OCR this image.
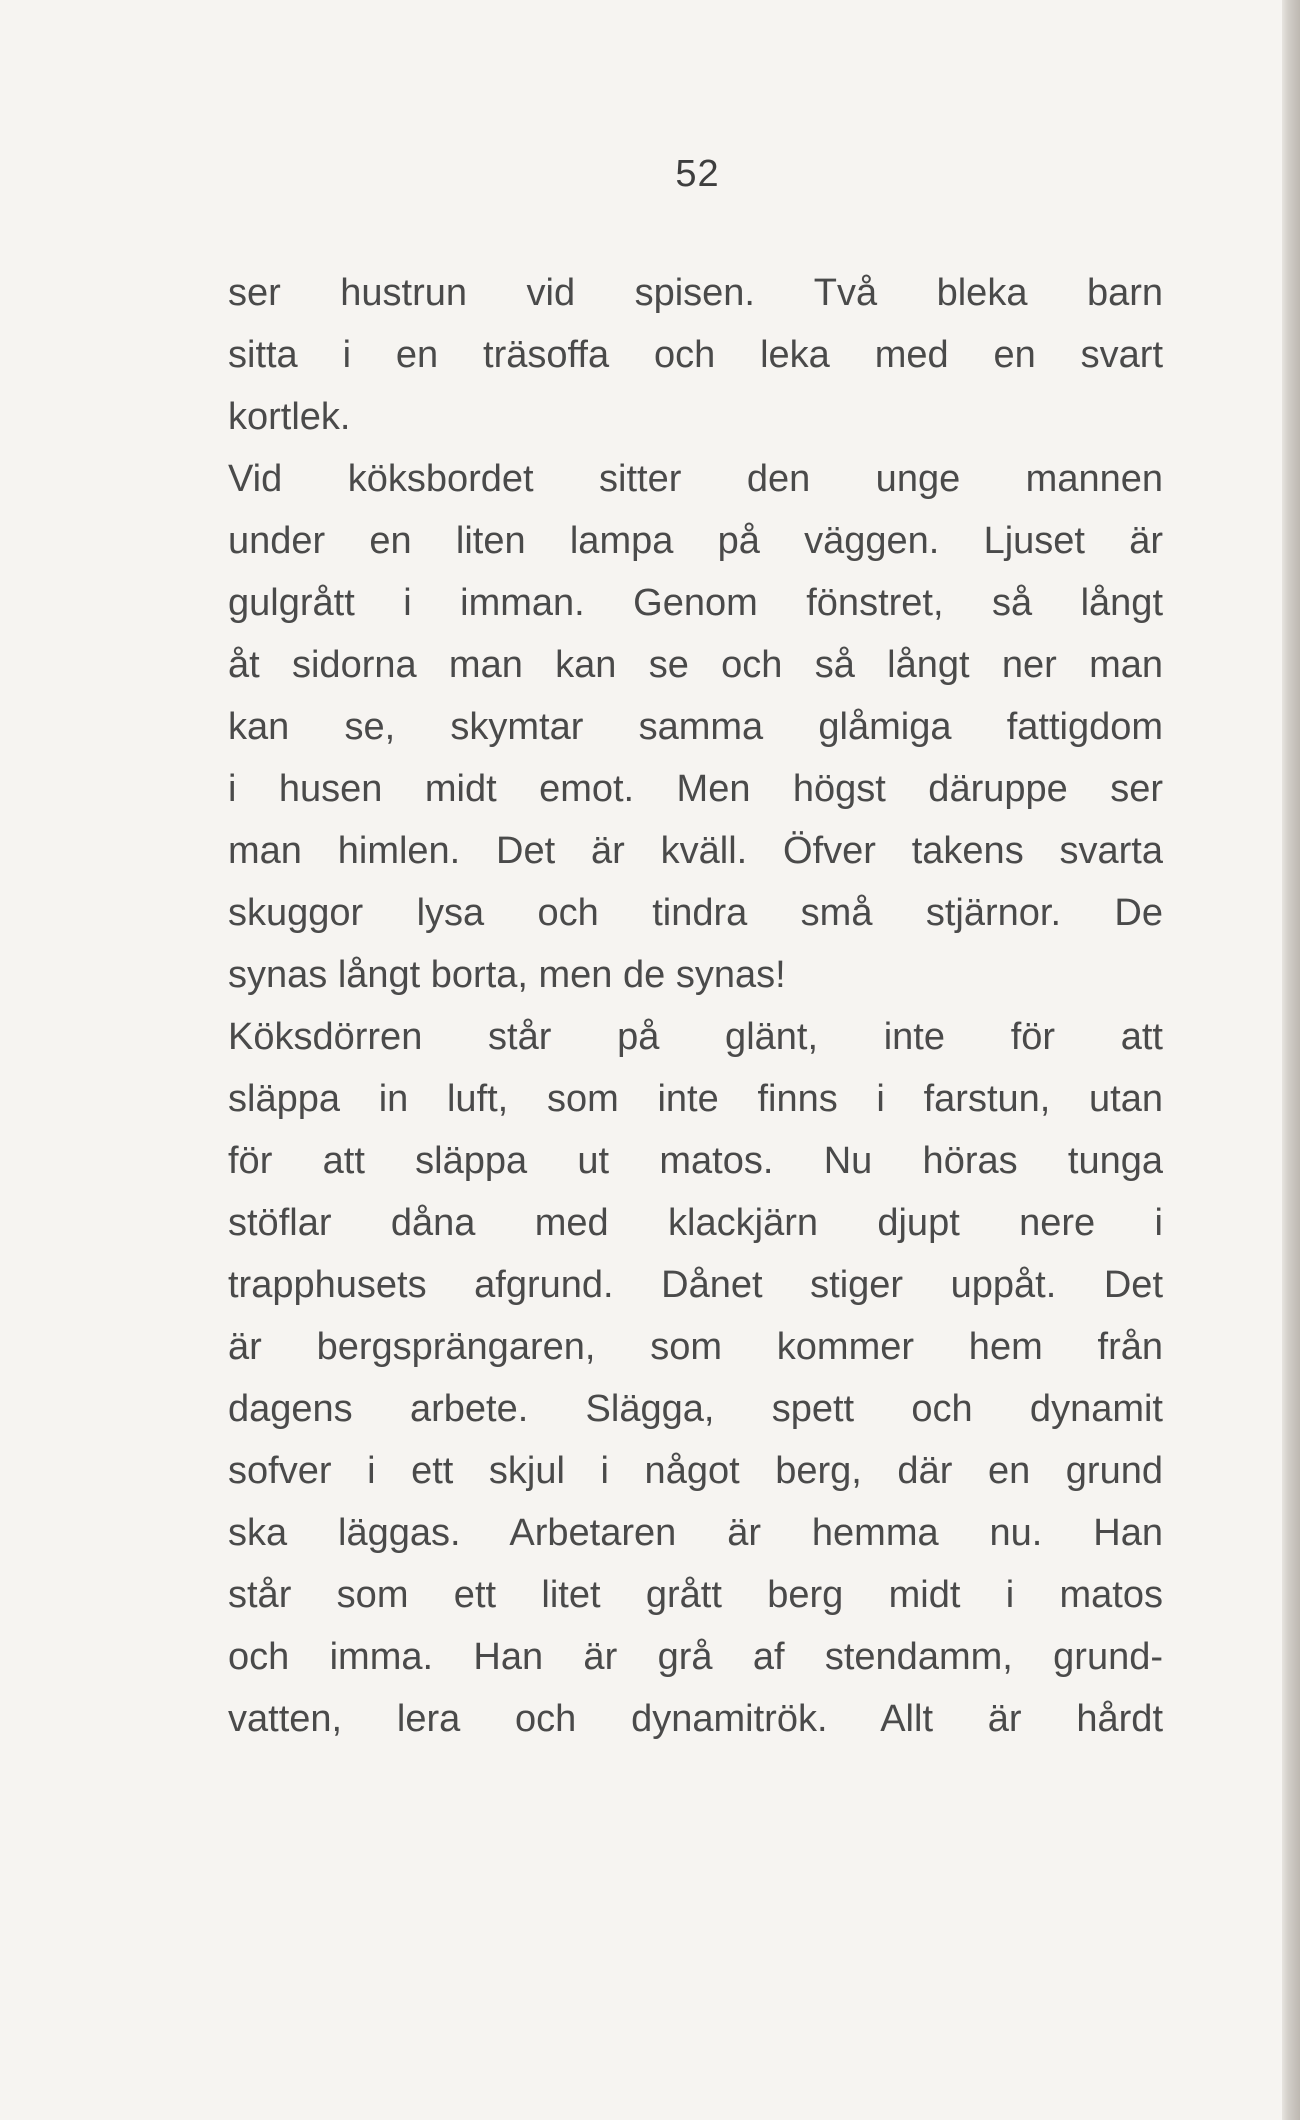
52
ser hustrun vid spisen. Två bleka barn
sitta i en träsoffa och leka med en svart
kortlek.
Vid köksbordet sitter den unge mannen
under en liten lampa på väggen. Ljuset är
gulgrått i imman. Genom fönstret, så långt
åt sidorna man kan se och så långt ner man
kan se, skymtar samma glåmiga fattigdom
i husen midt emot. Men högst däruppe ser
man himlen. Det är kväll. Öfver takens svarta
skuggor lysa och tindra små stjärnor. De
synas långt borta, men de synas!
Köksdörren står på glänt, inte för att
släppa in luft, som inte finns i farstun, utan
för att släppa ut matos. Nu höras tunga
stöflar dåna med klackjärn djupt nere i
trapphusets afgrund. Dånet stiger uppåt. Det
är bergsprängaren, som kommer hem från
dagens arbete. Slägga, spett och dynamit
sofver i ett skjul i något berg, där en grund
ska läggas. Arbetaren är hemma nu. Han
står som ett litet grått berg midt i matos
och imma. Han är grå af stendamm, grund-
vatten, lera och dynamitrök. Allt är hårdt
